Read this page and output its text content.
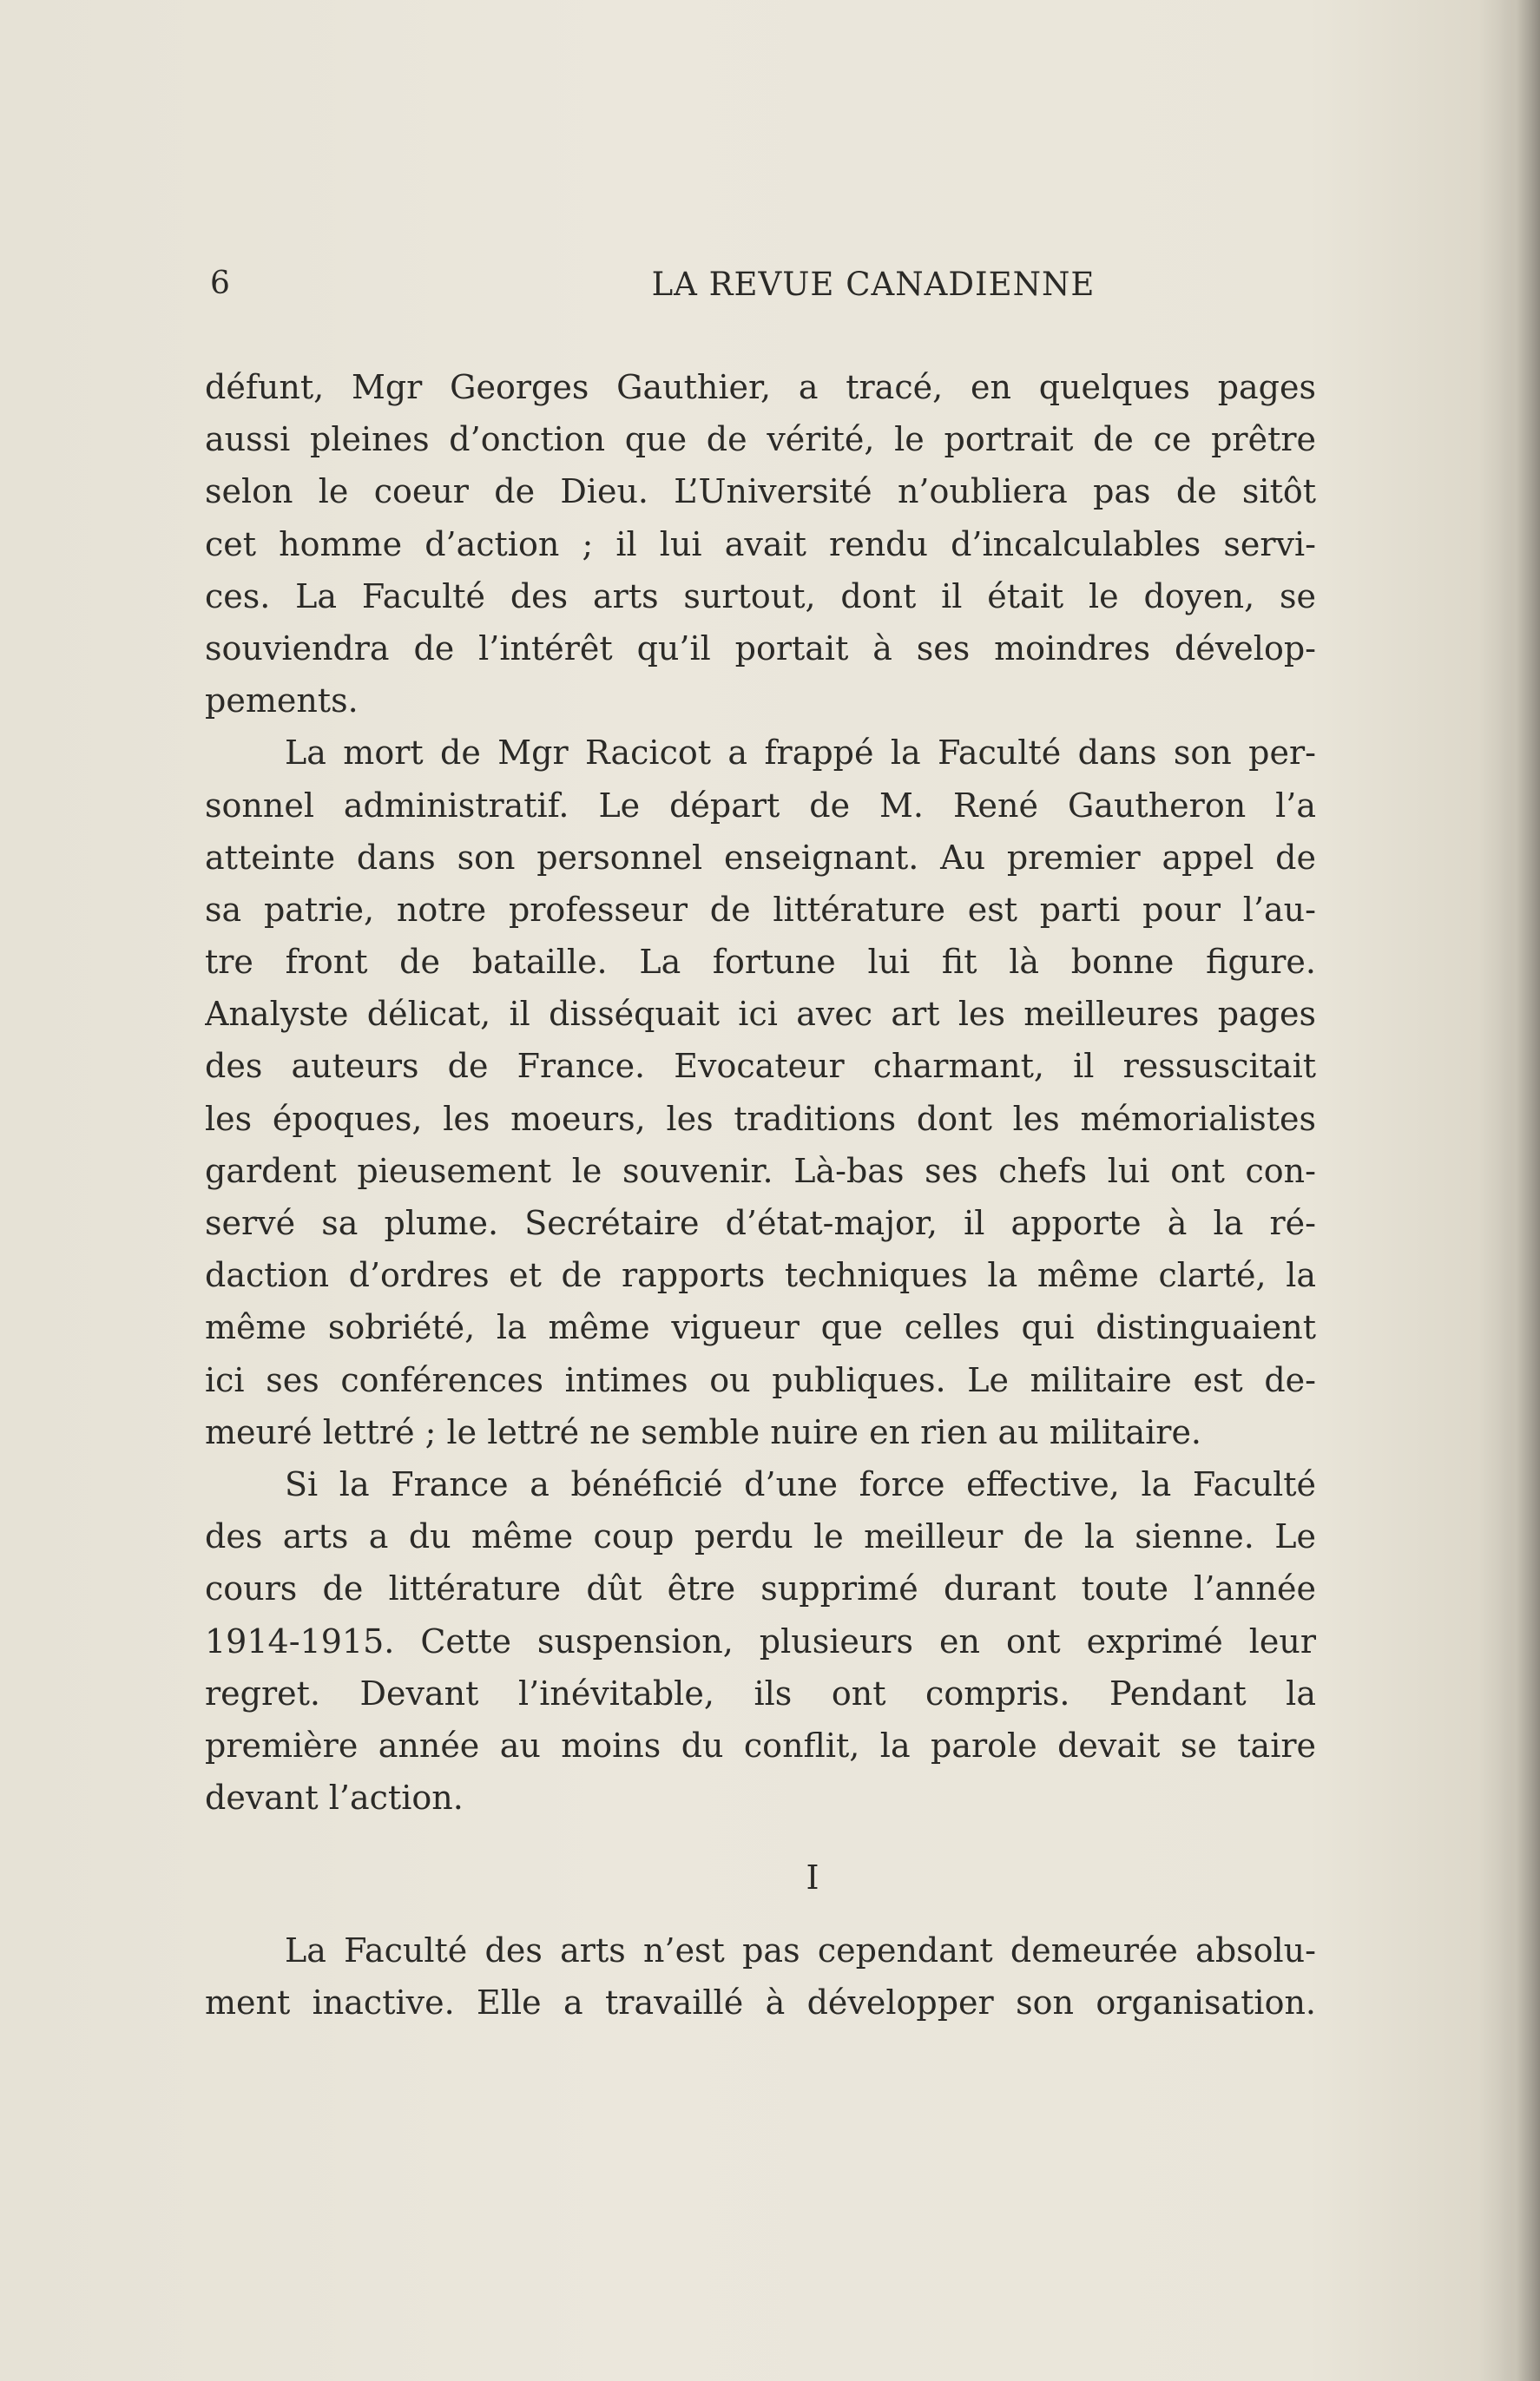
6	LA REVUE CANADIENNE
défunt, Mgr Georges Gauthier, a tracé, en quelques pages
aussi pleines d’onction que de vérité, le portrait de ce prêtre
selon le coeur de Dieu. L’Université n’oubliera pas de sitôt
cet homme d’action ; il lui avait rendu d’incalculables servi-
ces. La Faculté des arts surtout, dont il était le doyen, se
souviendra de l’intérêt qu’il portait à ses moindres dévelop-
pements.
La mort de Mgr Racicot a frappé la Faculté dans son per-
sonnel administratif. Le départ de M. René Gautheron l’a
atteinte dans son personnel enseignant. Au premier appel de
sa patrie, notre professeur de littérature est parti pour l’au-
tre front de bataille. La fortune lui fit là bonne figure.
Analyste délicat, il disséquait ici avec art les meilleures pages
des auteurs de France. Evocateur charmant, il ressuscitait
les époques, les moeurs, les traditions dont les mémorialistes
gardent pieusement le souvenir. Là-bas ses chefs lui ont con-
servé sa plume. Secrétaire d’état-major, il apporte à la ré-
daction d’ordres et de rapports techniques la même clarté, la
même sobriété, la même vigueur que celles qui distinguaient
ici ses conférences intimes ou publiques. Le militaire est de-
meuré lettré ; le lettré ne semble nuire en rien au militaire.
Si la France a bénéficié d’une force effective, la Faculté
des arts a du même coup perdu le meilleur de la sienne. Le
cours de littérature dût être supprimé durant toute l’année
1914-1915. Cette suspension, plusieurs en ont exprimé leur
regret. Devant l’inévitable, ils ont compris. Pendant la
première année au moins du conflit, la parole devait se taire
devant l’action.
I
La Faculté des arts n’est pas cependant demeurée absolu-
ment inactive. Elle a travaillé à développer son organisation.
